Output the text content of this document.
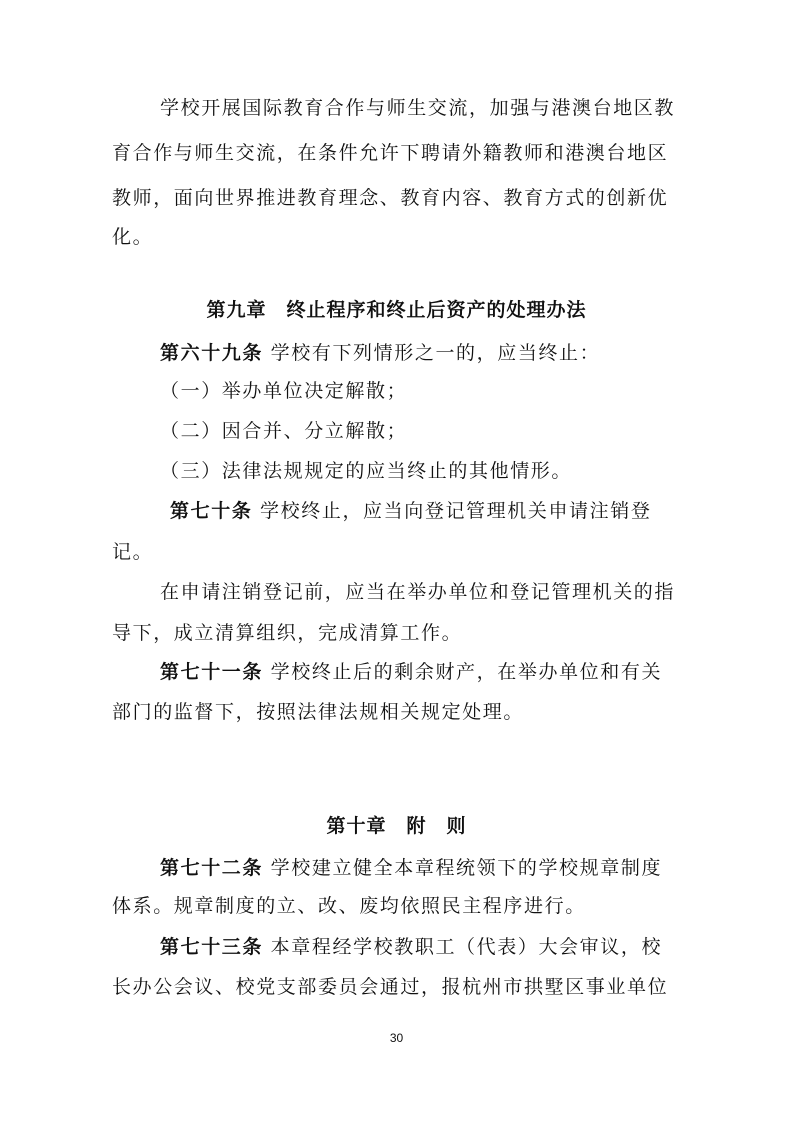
学校开展国际教育合作与师生交流，加强与港澳台地区教
育合作与师生交流，在条件允许下聘请外籍教师和港澳台地区
教师，面向世界推进教育理念、教育内容、教育方式的创新优
化。
第九章　终止程序和终止后资产的处理办法
第六十九条 学校有下列情形之一的，应当终止：
（一）举办单位决定解散；
（二）因合并、分立解散；
（三）法律法规规定的应当终止的其他情形。
第七十条 学校终止，应当向登记管理机关申请注销登
记。
在申请注销登记前，应当在举办单位和登记管理机关的指
导下，成立清算组织，完成清算工作。
第七十一条 学校终止后的剩余财产，在举办单位和有关
部门的监督下，按照法律法规相关规定处理。
第十章　附　则
第七十二条 学校建立健全本章程统领下的学校规章制度
体系。规章制度的立、改、废均依照民主程序进行。
第七十三条 本章程经学校教职工（代表）大会审议，校
长办公会议、校党支部委员会通过，报杭州市拱墅区事业单位
30
